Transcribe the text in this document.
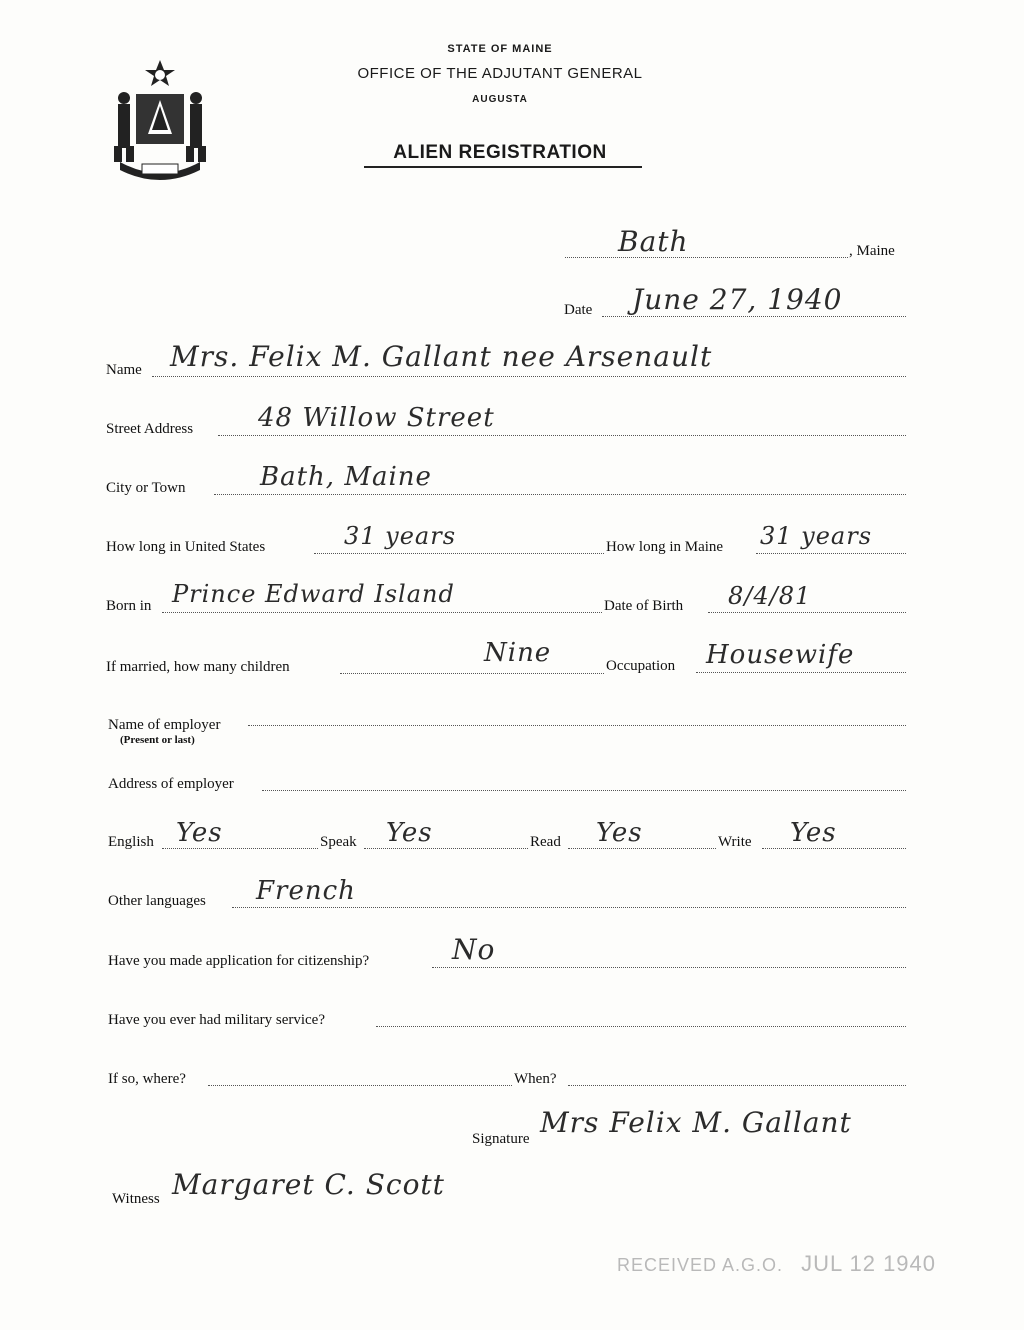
STATE OF MAINE
OFFICE OF THE ADJUTANT GENERAL
AUGUSTA
ALIEN REGISTRATION
Bath	, Maine
Date June 27, 1940
Name Mrs. Felix M. Gallant nee Arsenault
Street Address 48 Willow Street
City or Town	Bath, Maine
How long in United States	31 years	How long in Maine 31 years
Born in Prince Edward Island	Date of Birth 8/4/81
If married, how many children	Nine	Occupation Housewife
Name of employer
(Present or last)
Address of employer
English Yes	Speak Yes	Read Yes	Write Yes
Other languages French
Have you made application for citizenship?	No
Have you ever had military service?
If so, where?	When?
Signature Mrs Felix M. Gallant
Witness Margaret C. Scott
RECEIVED A.G.O. JUL 12 1940
